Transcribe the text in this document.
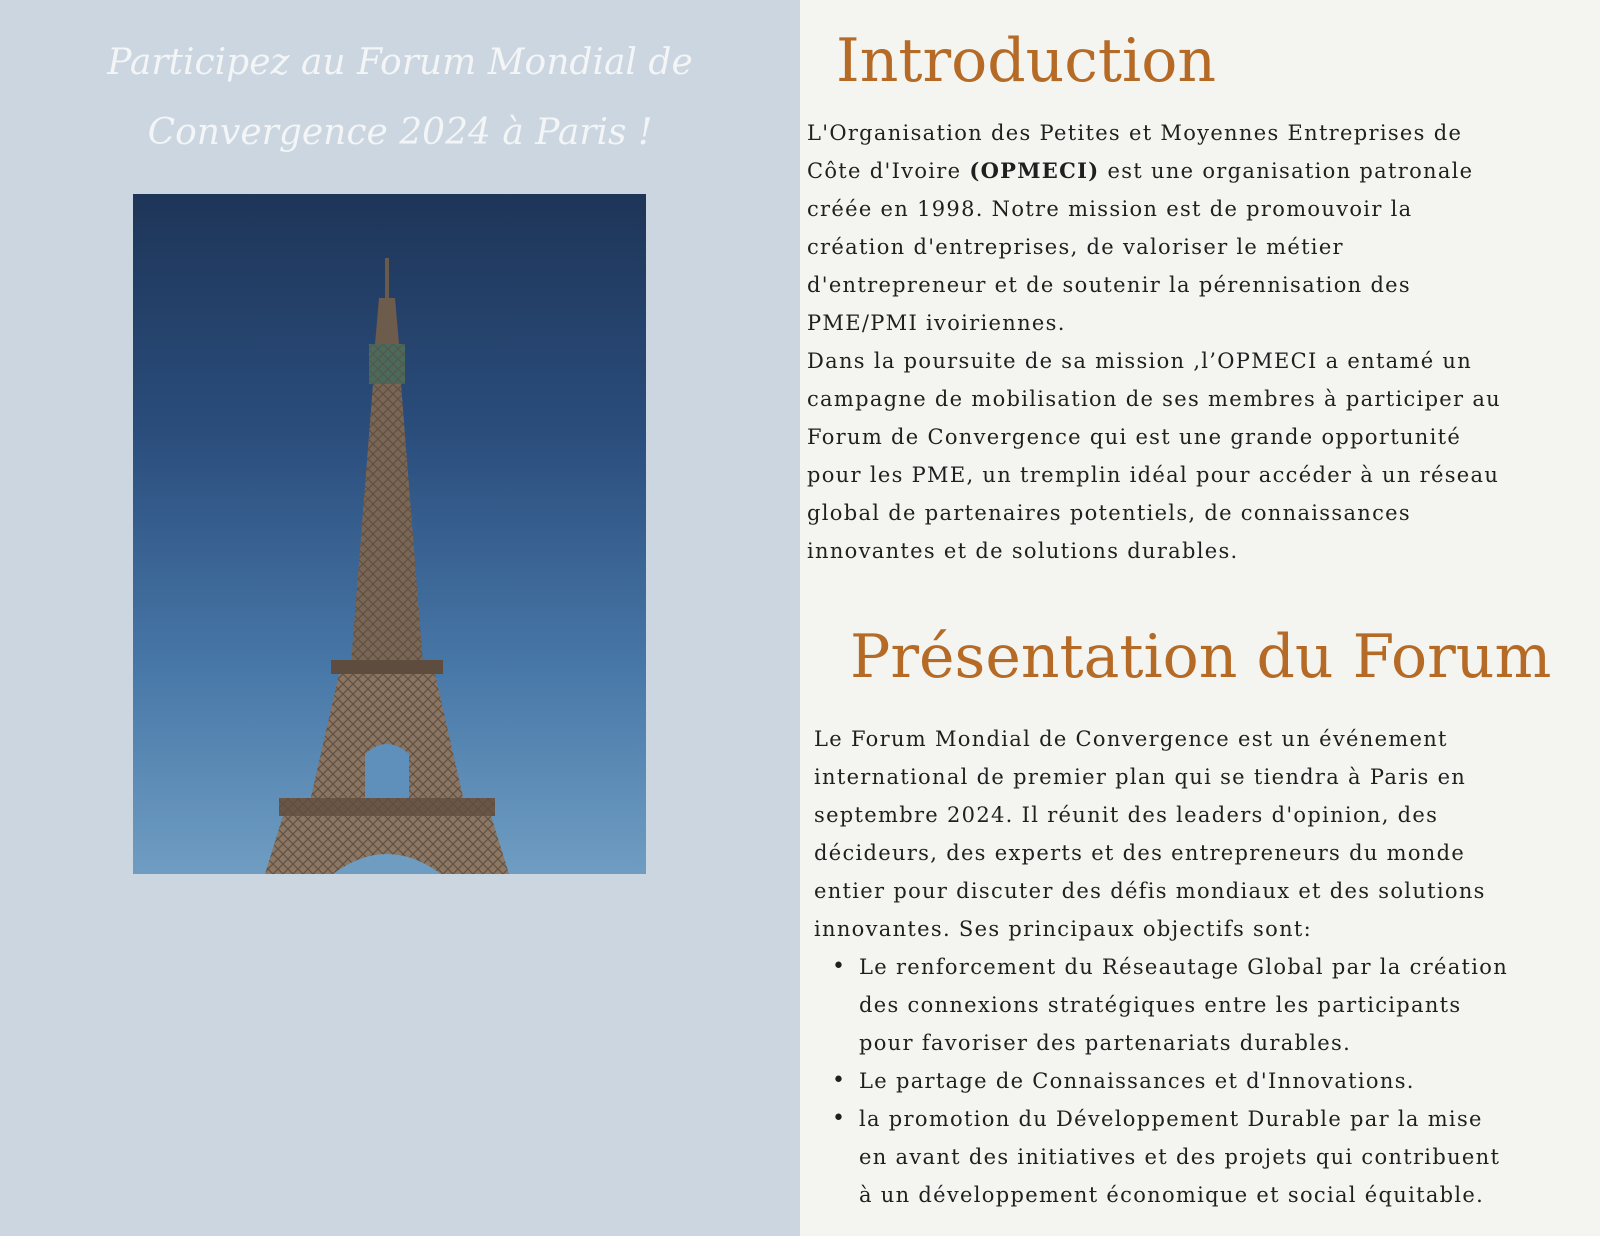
Participez au Forum Mondial de
Convergence 2024 à Paris !
Introduction

L'Organisation des Petites et Moyennes Entreprises de
Côte d'Ivoire (OPMECI) est une organisation patronale
créée en 1998. Notre mission est de promouvoir la
création d'entreprises, de valoriser le métier
d'entrepreneur et de soutenir la pérennisation des
PME/PMI ivoiriennes.
Dans la poursuite de sa mission ,l’OPMECI a entamé un
campagne de mobilisation de ses membres à participer au
Forum de Convergence qui est une grande opportunité
pour les PME, un tremplin idéal pour accéder à un réseau
global de partenaires potentiels, de connaissances
innovantes et de solutions durables.

Présentation du Forum

Le Forum Mondial de Convergence est un événement
international de premier plan qui se tiendra à Paris en
septembre 2024. Il réunit des leaders d'opinion, des
décideurs, des experts et des entrepreneurs du monde
entier pour discuter des défis mondiaux et des solutions
innovantes. Ses principaux objectifs sont:

• Le renforcement du Réseautage Global par la création
des connexions stratégiques entre les participants
pour favoriser des partenariats durables.
• Le partage de Connaissances et d'Innovations.
• la promotion du Développement Durable par la mise
en avant des initiatives et des projets qui contribuent
à un développement économique et social équitable.
